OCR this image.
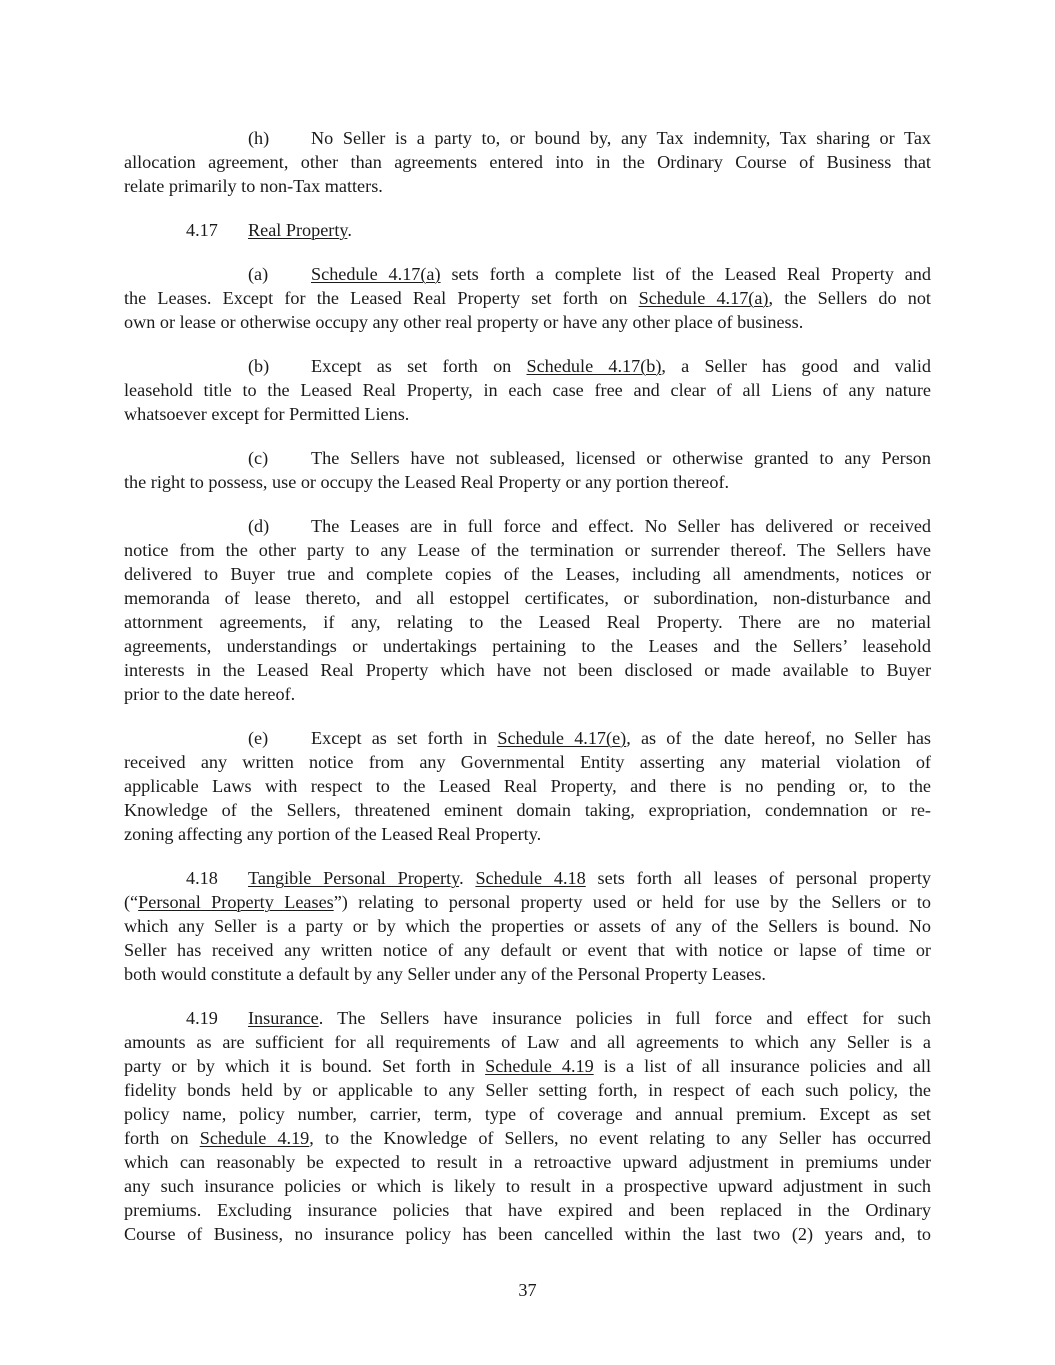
(h) No Seller is a party to, or bound by, any Tax indemnity, Tax sharing or Tax
allocation agreement, other than agreements entered into in the Ordinary Course of Business that
relate primarily to non-Tax matters.
4.17 Real Property.
(a) Schedule 4.17(a) sets forth a complete list of the Leased Real Property and
the Leases. Except for the Leased Real Property set forth on Schedule 4.17(a), the Sellers do not
own or lease or otherwise occupy any other real property or have any other place of business.
(b) Except as set forth on Schedule 4.17(b), a Seller has good and valid
leasehold title to the Leased Real Property, in each case free and clear of all Liens of any nature
whatsoever except for Permitted Liens.
(c) The Sellers have not subleased, licensed or otherwise granted to any Person
the right to possess, use or occupy the Leased Real Property or any portion thereof.
(d) The Leases are in full force and effect. No Seller has delivered or received
notice from the other party to any Lease of the termination or surrender thereof. The Sellers have
delivered to Buyer true and complete copies of the Leases, including all amendments, notices or
memoranda of lease thereto, and all estoppel certificates, or subordination, non-disturbance and
attornment agreements, if any, relating to the Leased Real Property. There are no material
agreements, understandings or undertakings pertaining to the Leases and the Sellers’ leasehold
interests in the Leased Real Property which have not been disclosed or made available to Buyer
prior to the date hereof.
(e) Except as set forth in Schedule 4.17(e), as of the date hereof, no Seller has
received any written notice from any Governmental Entity asserting any material violation of
applicable Laws with respect to the Leased Real Property, and there is no pending or, to the
Knowledge of the Sellers, threatened eminent domain taking, expropriation, condemnation or re-
zoning affecting any portion of the Leased Real Property.
4.18 Tangible Personal Property. Schedule 4.18 sets forth all leases of personal property
(“Personal Property Leases”) relating to personal property used or held for use by the Sellers or to
which any Seller is a party or by which the properties or assets of any of the Sellers is bound. No
Seller has received any written notice of any default or event that with notice or lapse of time or
both would constitute a default by any Seller under any of the Personal Property Leases.
4.19 Insurance. The Sellers have insurance policies in full force and effect for such
amounts as are sufficient for all requirements of Law and all agreements to which any Seller is a
party or by which it is bound. Set forth in Schedule 4.19 is a list of all insurance policies and all
fidelity bonds held by or applicable to any Seller setting forth, in respect of each such policy, the
policy name, policy number, carrier, term, type of coverage and annual premium. Except as set
forth on Schedule 4.19, to the Knowledge of Sellers, no event relating to any Seller has occurred
which can reasonably be expected to result in a retroactive upward adjustment in premiums under
any such insurance policies or which is likely to result in a prospective upward adjustment in such
premiums. Excluding insurance policies that have expired and been replaced in the Ordinary
Course of Business, no insurance policy has been cancelled within the last two (2) years and, to
37
